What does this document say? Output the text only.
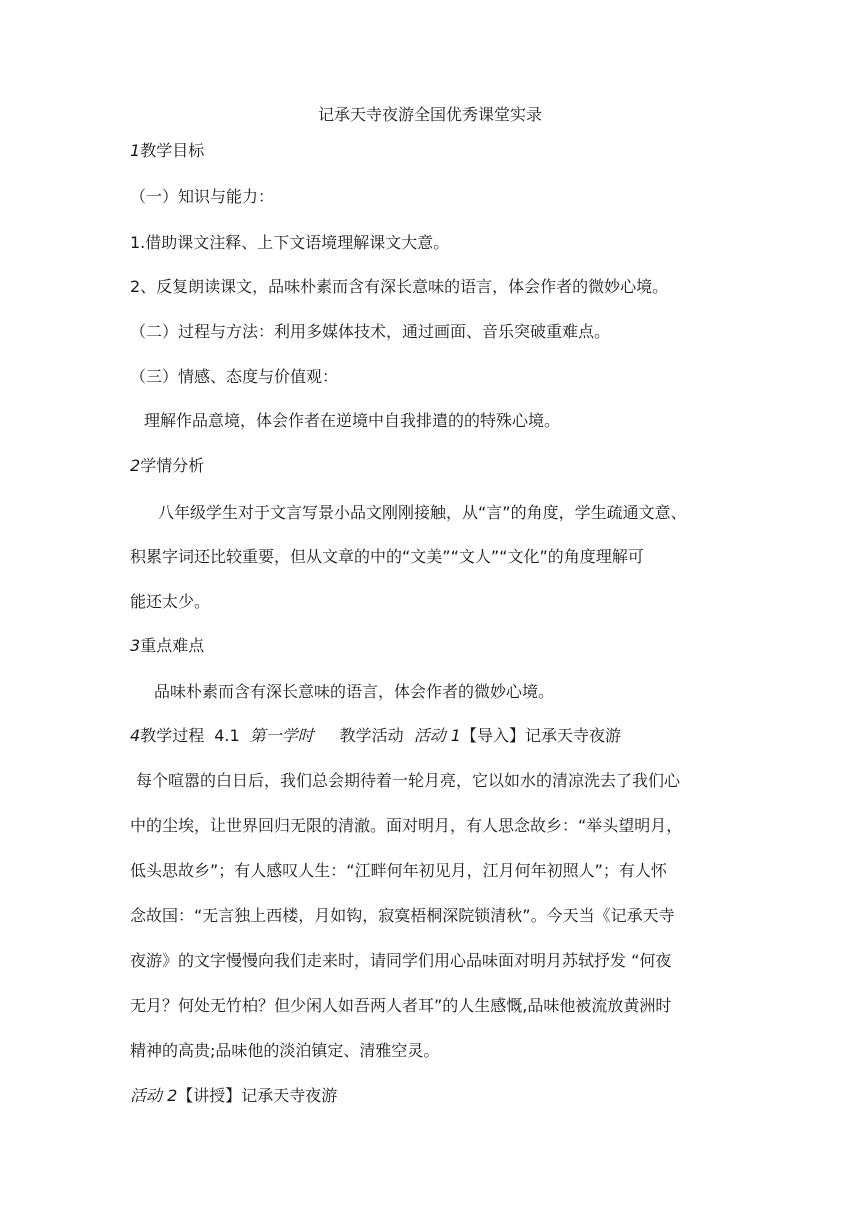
记承天寺夜游全国优秀课堂实录
1教学目标
（一）知识与能力：
1.借助课文注释、上下文语境理解课文大意。
2、反复朗读课文，品味朴素而含有深长意味的语言，体会作者的微妙心境。
（二）过程与方法：利用多媒体技术，通过画面、音乐突破重难点。
（三）情感、态度与价值观：
理解作品意境，体会作者在逆境中自我排遣的的特殊心境。
2学情分析
八年级学生对于文言写景小品文刚刚接触，从“言”的角度，学生疏通文意、
积累字词还比较重要，但从文章的中的“文美”“文人”“文化”的角度理解可
能还太少。
3重点难点
品味朴素而含有深长意味的语言，体会作者的微妙心境。
4教学过程 4.1 第一学时 教学活动 活动 1【导入】记承天寺夜游
每个喧嚣的白日后，我们总会期待着一轮月亮，它以如水的清凉洗去了我们心
中的尘埃，让世界回归无限的清澈。面对明月，有人思念故乡：“举头望明月，
低头思故乡”；有人感叹人生：“江畔何年初见月，江月何年初照人”；有人怀
念故国：“无言独上西楼，月如钩，寂寞梧桐深院锁清秋”。今天当《记承天寺
夜游》的文字慢慢向我们走来时，请同学们用心品味面对明月苏轼抒发 “何夜
无月？何处无竹柏？但少闲人如吾两人者耳”的人生感慨,品味他被流放黄洲时
精神的高贵;品味他的淡泊镇定、清雅空灵。
活动 2【讲授】记承天寺夜游
